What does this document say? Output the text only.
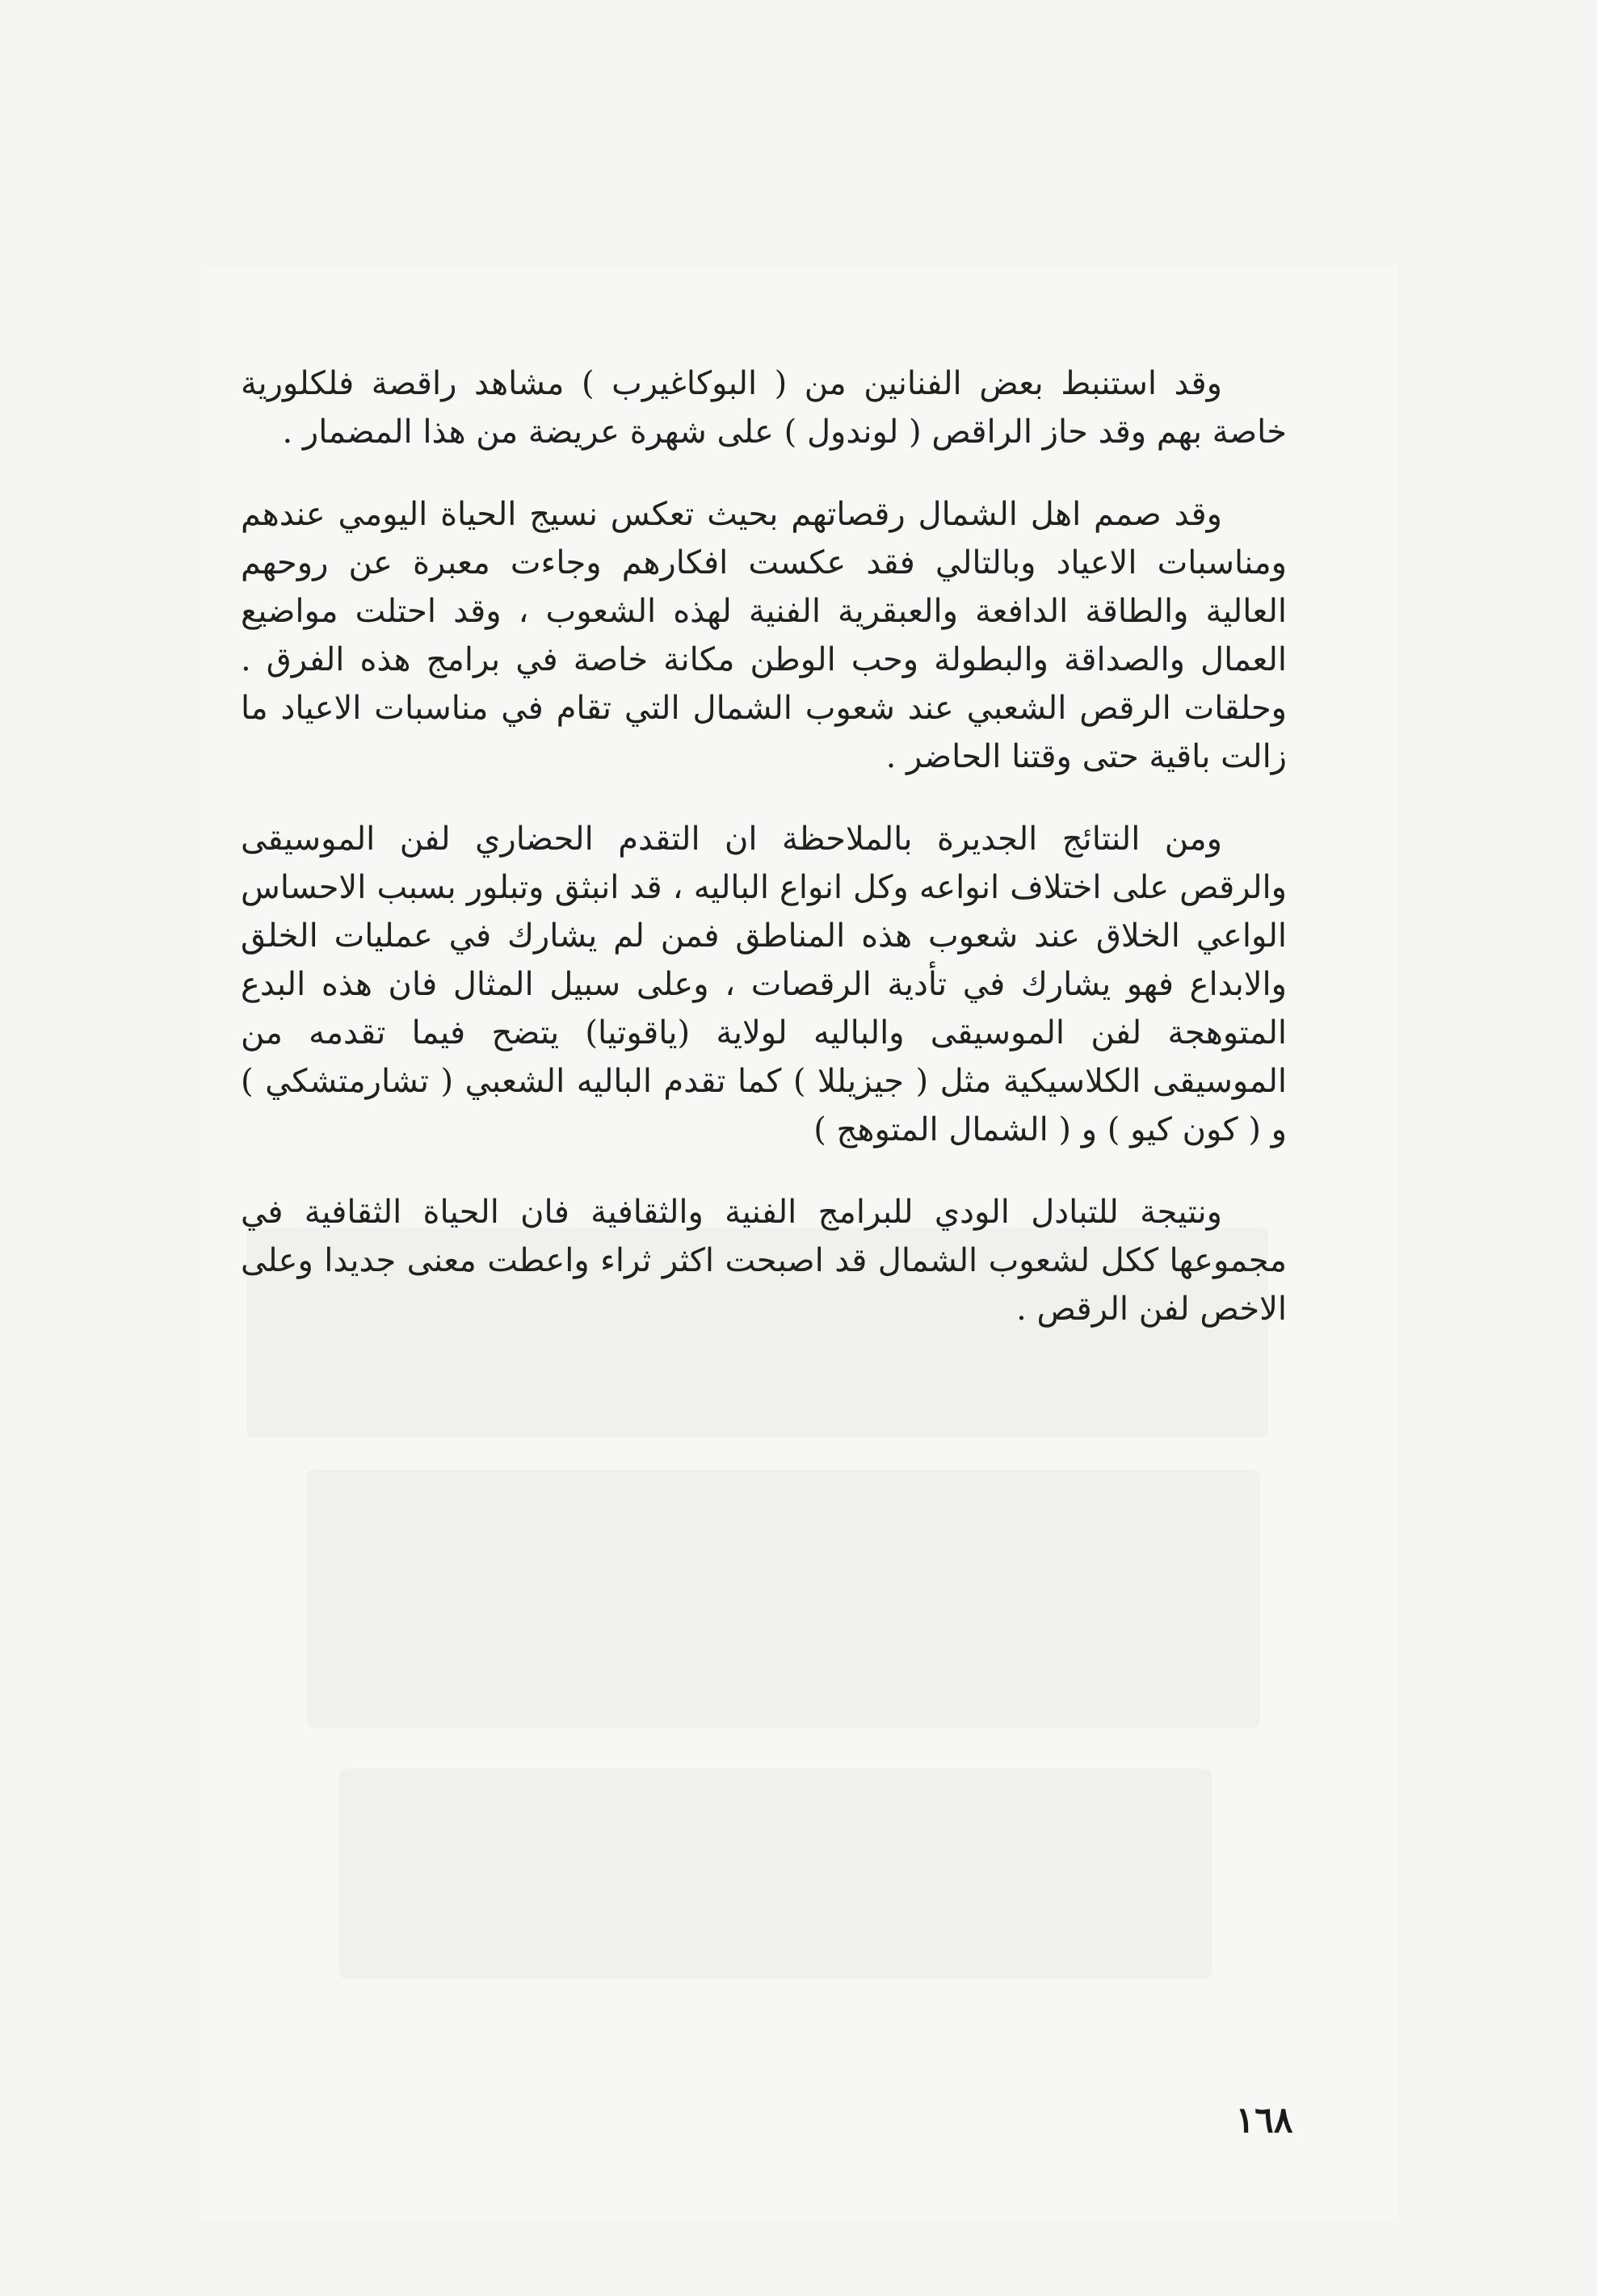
وقد استنبط بعض الفنانين من ( البوكاغيرب ) مشاهد راقصة فلكلورية خاصة بهم وقد حاز الراقص ( لوندول ) على شهرة عريضة من هذا المضمار .

وقد صمم اهل الشمال رقصاتهم بحيث تعكس نسيج الحياة اليومي عندهم ومناسبات الاعياد وبالتالي فقد عكست افكارهم وجاءت معبرة عن روحهم العالية والطاقة الدافعة والعبقرية الفنية لهذه الشعوب ، وقد احتلت مواضيع العمال والصداقة والبطولة وحب الوطن مكانة خاصة في برامج هذه الفرق . وحلقات الرقص الشعبي عند شعوب الشمال التي تقام في مناسبات الاعياد ما زالت باقية حتى وقتنا الحاضر .

ومن النتائج الجديرة بالملاحظة ان التقدم الحضاري لفن الموسيقى والرقص على اختلاف انواعه وكل انواع الباليه ، قد انبثق وتبلور بسبب الاحساس الواعي الخلاق عند شعوب هذه المناطق فمن لم يشارك في عمليات الخلق والابداع فهو يشارك في تأدية الرقصات ، وعلى سبيل المثال فان هذه البدع المتوهجة لفن الموسيقى والباليه لولاية (ياقوتيا) يتضح فيما تقدمه من الموسيقى الكلاسيكية مثل ( جيزيللا ) كما تقدم الباليه الشعبي ( تشارمتشكي ) و ( كون كيو ) و ( الشمال المتوهج )

ونتيجة للتبادل الودي للبرامج الفنية والثقافية فان الحياة الثقافية في مجموعها ككل لشعوب الشمال قد اصبحت اكثر ثراء واعطت معنى جديدا وعلى الاخص لفن الرقص .

١٦٨
